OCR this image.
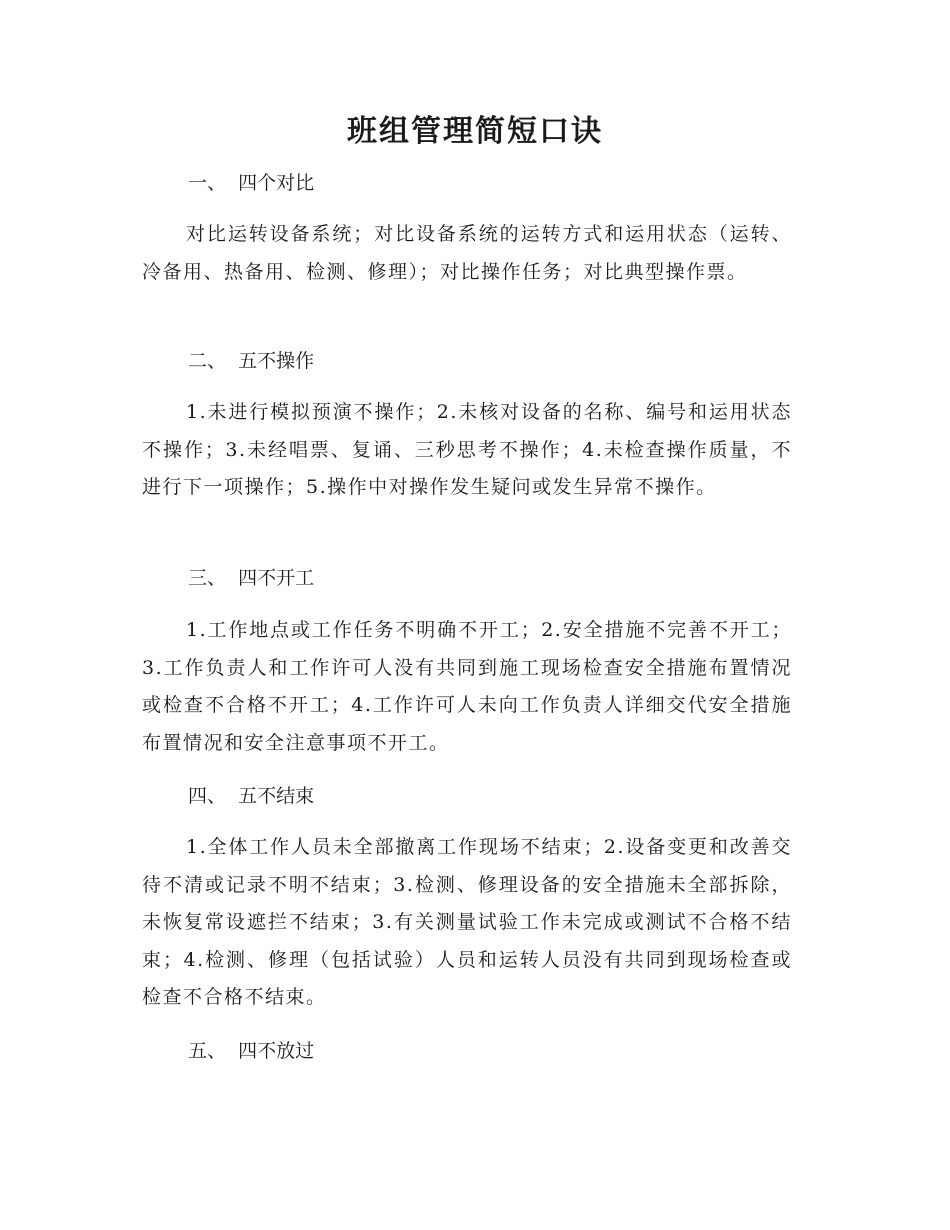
班组管理简短口诀
一、  四个对比
对比运转设备系统；对比设备系统的运转方式和运用状态（运转、冷备用、热备用、检测、修理）；对比操作任务；对比典型操作票。
二、  五不操作
1.未进行模拟预演不操作；2.未核对设备的名称、编号和运用状态不操作；3.未经唱票、复诵、三秒思考不操作；4.未检查操作质量，不进行下一项操作；5.操作中对操作发生疑问或发生异常不操作。
三、  四不开工
1.工作地点或工作任务不明确不开工；2.安全措施不完善不开工；3.工作负责人和工作许可人没有共同到施工现场检查安全措施布置情况或检查不合格不开工；4.工作许可人未向工作负责人详细交代安全措施布置情况和安全注意事项不开工。
四、  五不结束
1.全体工作人员未全部撤离工作现场不结束；2.设备变更和改善交待不清或记录不明不结束；3.检测、修理设备的安全措施未全部拆除，未恢复常设遮拦不结束；3.有关测量试验工作未完成或测试不合格不结束；4.检测、修理（包括试验）人员和运转人员没有共同到现场检查或检查不合格不结束。
五、  四不放过
